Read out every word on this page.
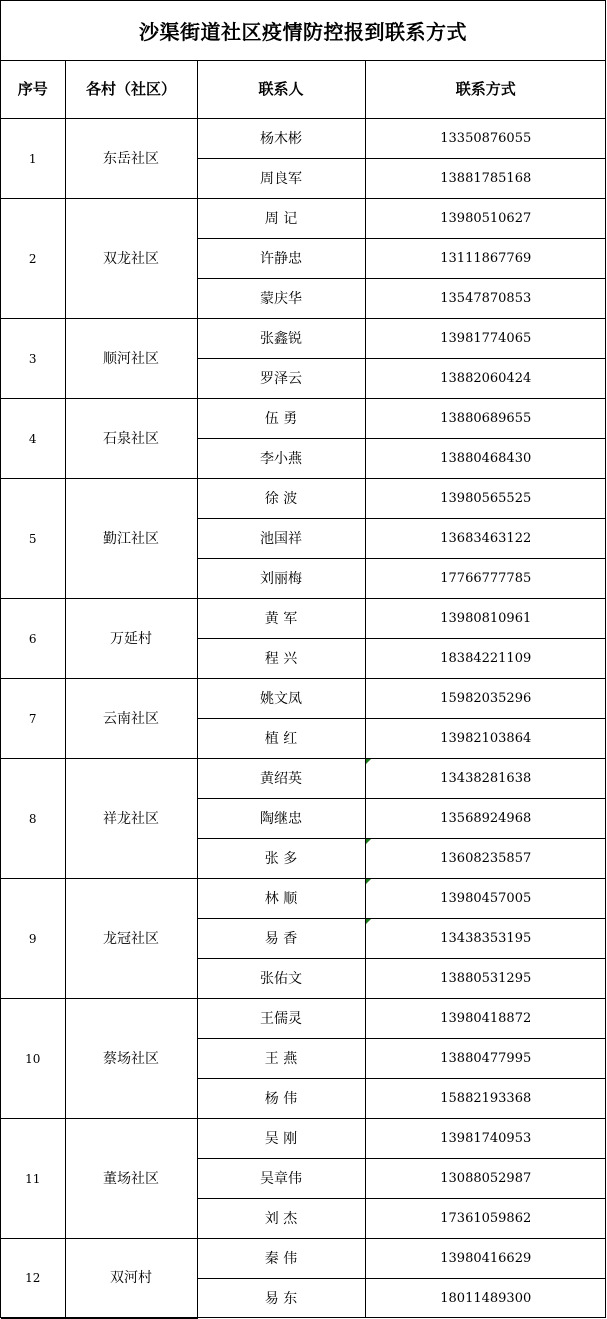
沙渠街道社区疫情防控报到联系方式
序号	各村（社区）	联系人	联系方式
1	东岳社区	杨木彬	13350876055
		周良军	13881785168
2	双龙社区	周 记	13980510627
		许静忠	13111867769
		蒙庆华	13547870853
3	顺河社区	张鑫锐	13981774065
		罗泽云	13882060424
4	石泉社区	伍 勇	13880689655
		李小燕	13880468430
5	勤江社区	徐 波	13980565525
		池国祥	13683463122
		刘丽梅	17766777785
6	万延村	黄 军	13980810961
		程 兴	18384221109
7	云南社区	姚文凤	15982035296
		植 红	13982103864
8	祥龙社区	黄绍英	13438281638
		陶继忠	13568924968
		张 多	13608235857
9	龙冠社区	林 顺	13980457005
		易 香	13438353195
		张佑文	13880531295
10	蔡场社区	王儒灵	13980418872
		王 燕	13880477995
		杨 伟	15882193368
11	董场社区	吴 刚	13981740953
		吴章伟	13088052987
		刘 杰	17361059862
12	双河村	秦 伟	13980416629
		易 东	18011489300
